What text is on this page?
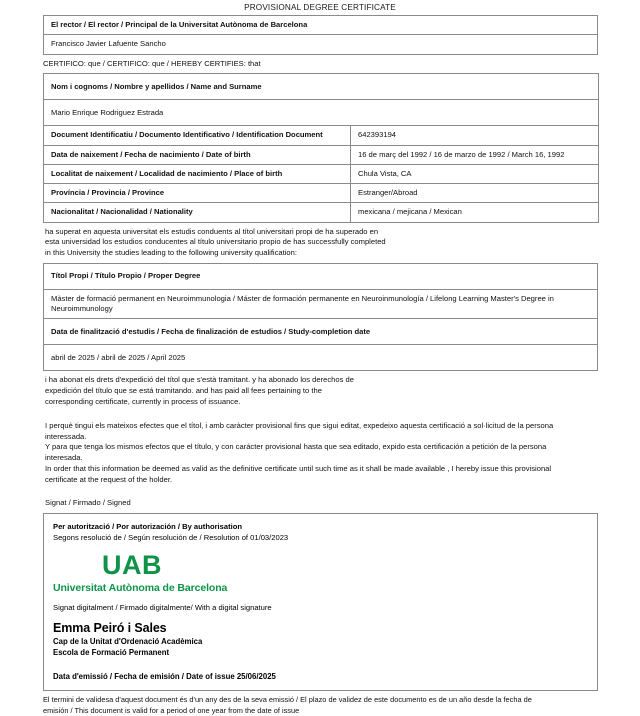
PROVISIONAL DEGREE CERTIFICATE
El rector / El rector / Principal de la Universitat Autònoma de Barcelona
Francisco Javier Lafuente Sancho
CERTIFICO: que / CERTIFICO: que / HEREBY CERTIFIES: that
Nom i cognoms / Nombre y apellidos / Name and Surname	
Mario Enrique Rodriguez Estrada	
Document Identificatiu / Documento Identificativo / Identification Document	642393194
Data de naixement / Fecha de nacimiento / Date of birth	16 de març del 1992 / 16 de marzo de 1992 / March 16, 1992
Localitat de naixement / Localidad de nacimiento / Place of birth	Chula Vista, CA
Província / Provincia / Province	Estranger/Abroad
Nacionalitat / Nacionalidad / Nationality	mexicana / mejicana / Mexican
ha superat en aquesta universitat els estudis conduents al títol universitari propi de ha superado en
esta universidad los estudios conducentes al título universitario propio de has successfully completed
in this University the studies leading to the following university qualification:
Títol Propi / Título Propio / Proper Degree
Màster de formació permanent en Neuroimmunologia / Máster de formación permanente en Neuroinmunología / Lifelong Learning Master's Degree in Neuroimmunology
Data de finalització d'estudis / Fecha de finalización de estudios / Study-completion date
abril de 2025 / abril de 2025 / April 2025
i ha abonat els drets d'expedició del títol que s'està tramitant. y ha abonado los derechos de
expedición del título que se está tramitando. and has paid all fees pertaining to the
corresponding certificate, currently in process of issuance.
I perquè tingui els mateixos efectes que el títol, i amb caràcter provisional fins que sigui editat, expedeixo aquesta certificació a sol·licitud de la persona
interessada.
Y para que tenga los mismos efectos que el título, y con carácter provisional hasta que sea editado, expido esta certificación a petición de la persona
interesada.
In order that this information be deemed as valid as the definitive certificate until such time as it shall be made available , I hereby issue this provisional
certificate at the request of the holder.
Signat / Firmado / Signed
Per autorització / Por autorización / By authorisation
Segons resolució de / Según resolución de / Resolution of 01/03/2023
UAB
Universitat Autònoma de Barcelona
Signat digitalment / Firmado digitalmente/ With a digital signature
Emma Peiró i Sales
Cap de la Unitat d'Ordenació Acadèmica
Escola de Formació Permanent
Data d'emissió / Fecha de emisión / Date of issue 25/06/2025
El termini de validesa d'aquest document és d'un any des de la seva emissió / El plazo de validez de este documento es de un año desde la fecha de
emisión / This document is valid for a period of one year from the date of issue
